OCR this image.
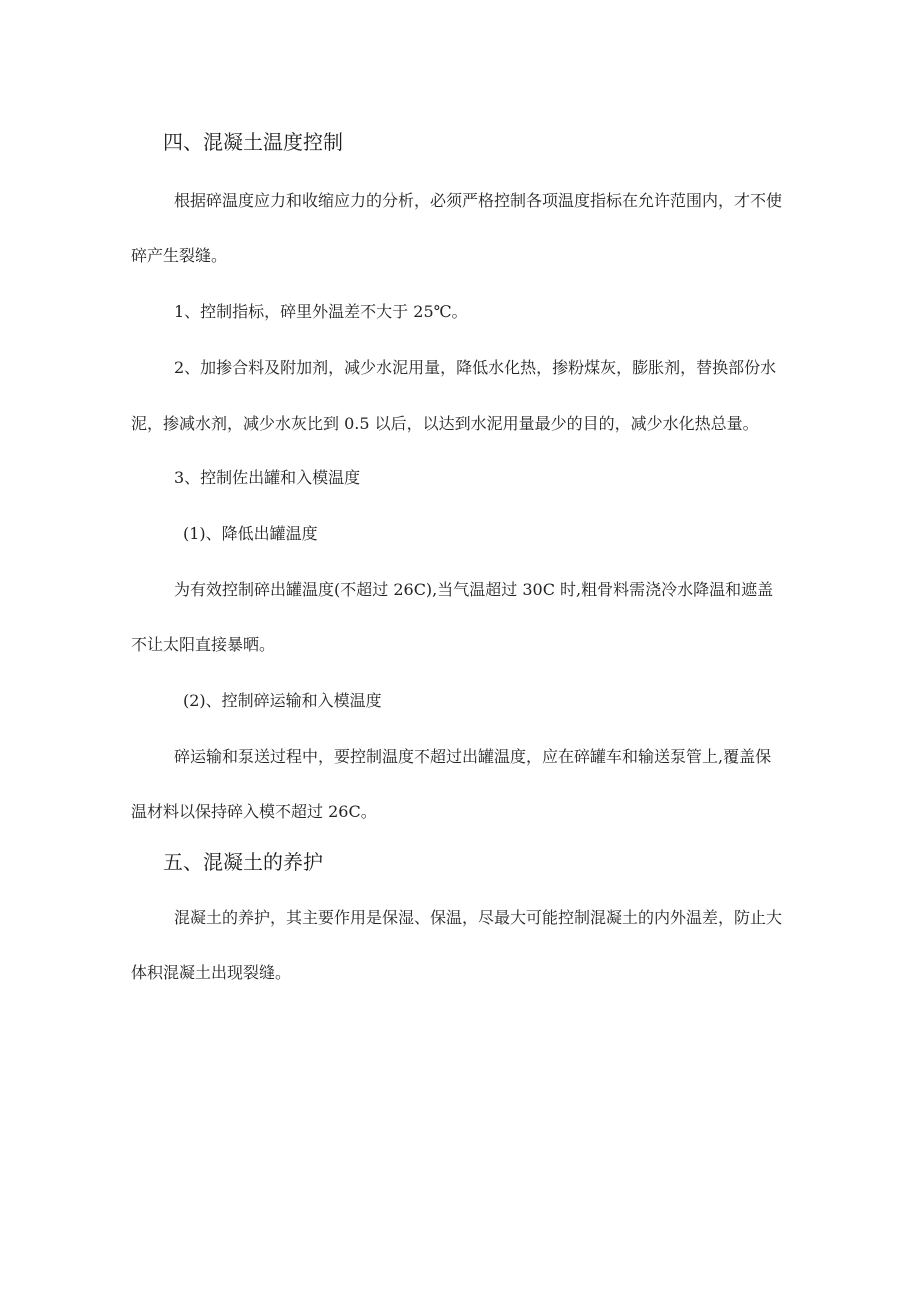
四、混凝土温度控制
根据碎温度应力和收缩应力的分析，必须严格控制各项温度指标在允许范围内，才不使
碎产生裂缝。
1、控制指标，碎里外温差不大于 25℃。
2、加掺合料及附加剂，减少水泥用量，降低水化热，掺粉煤灰，膨胀剂，替换部份水
泥，掺减水剂，减少水灰比到 0.5 以后，以达到水泥用量最少的目的，减少水化热总量。
3、控制佐出罐和入模温度
(1)、降低出罐温度
为有效控制碎出罐温度(不超过 26C),当气温超过 30C 时,粗骨料需浇冷水降温和遮盖
不让太阳直接暴晒。
(2)、控制碎运输和入模温度
碎运输和泵送过程中，要控制温度不超过出罐温度，应在碎罐车和输送泵管上,覆盖保
温材料以保持碎入模不超过 26C。
五、混凝土的养护
混凝土的养护，其主要作用是保湿、保温，尽最大可能控制混凝土的内外温差，防止大
体积混凝土出现裂缝。
